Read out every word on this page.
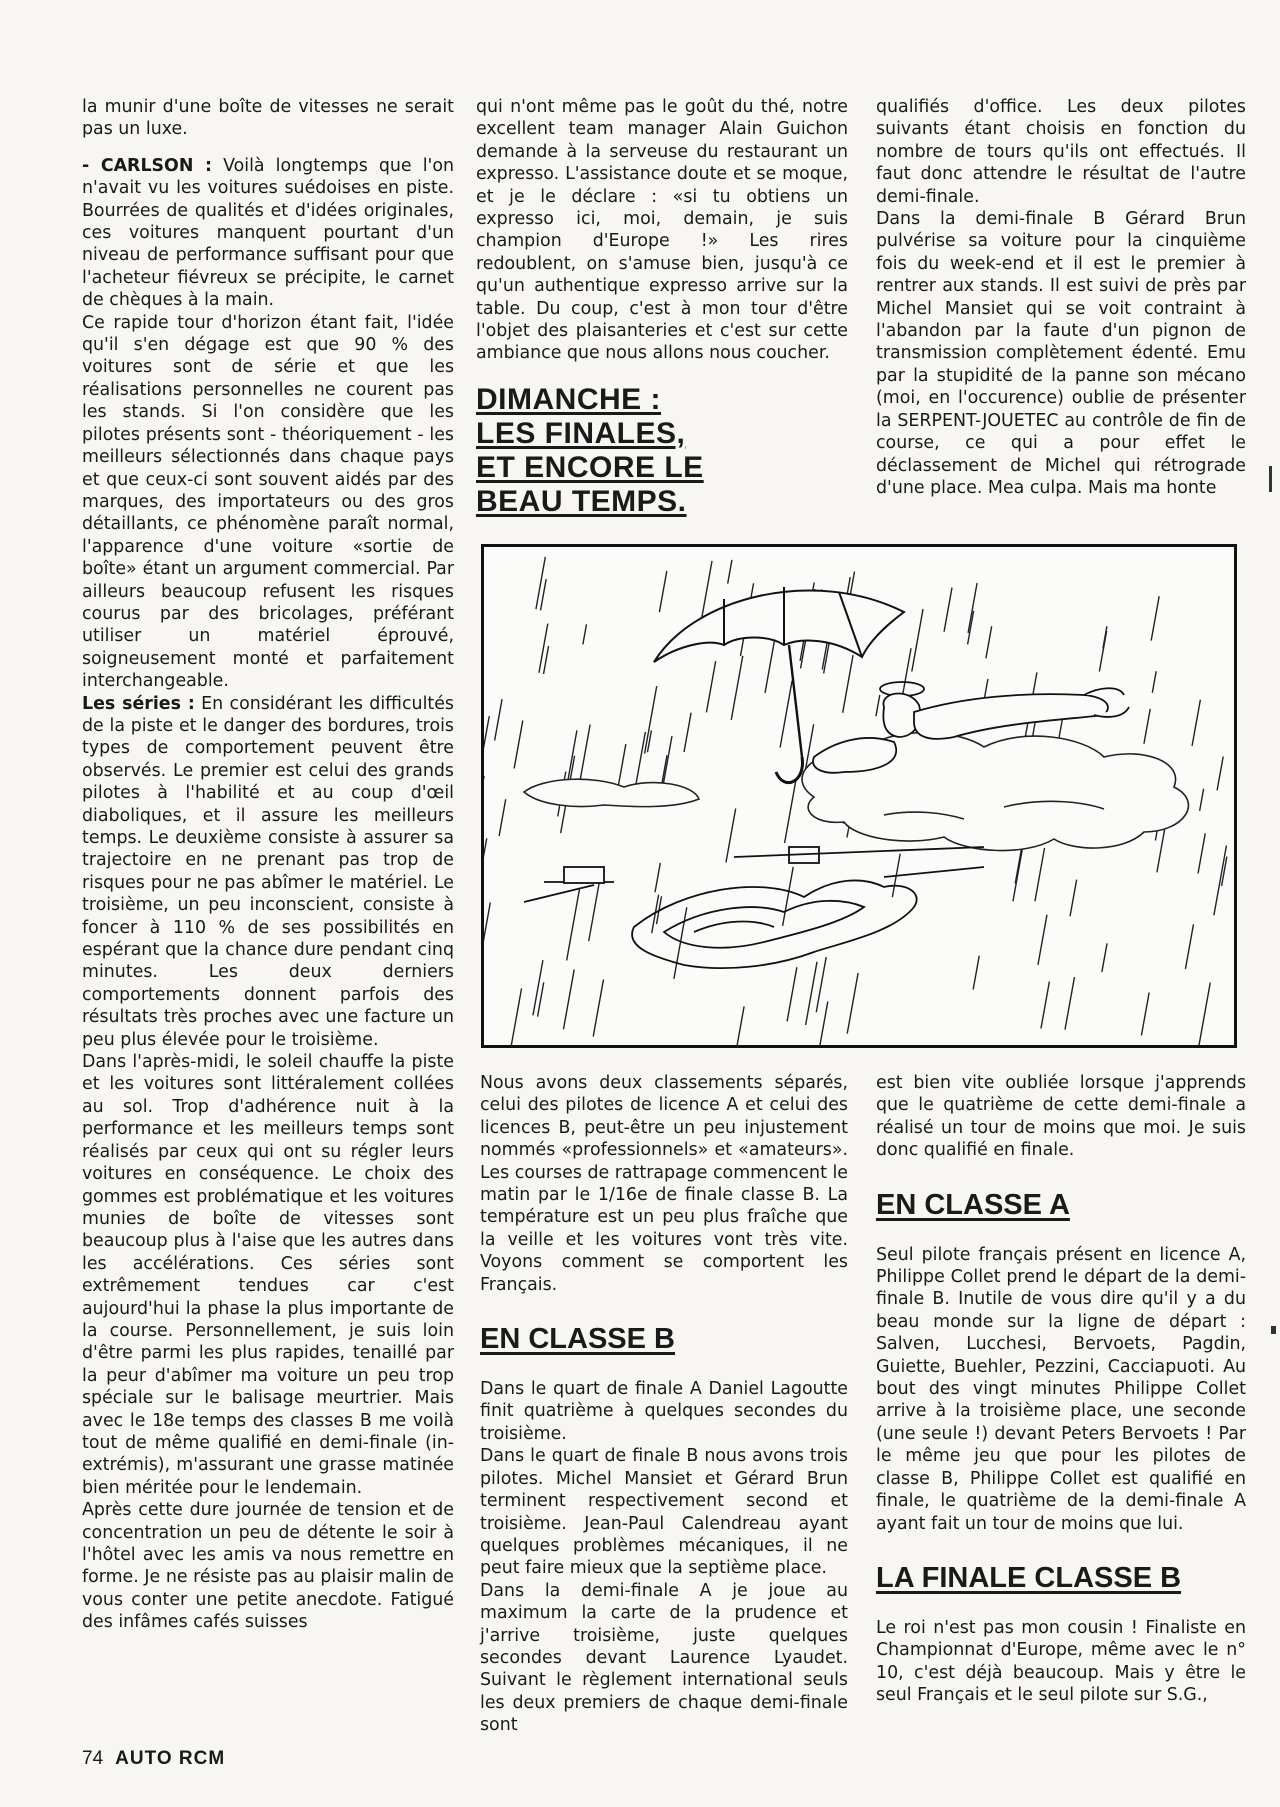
la munir d'une boîte de vitesses ne serait pas un luxe.

- CARLSON : Voilà longtemps que l'on n'avait vu les voitures suédoises en piste. Bourrées de qualités et d'idées originales, ces voitures manquent pourtant d'un niveau de performance suffisant pour que l'acheteur fiévreux se précipite, le carnet de chèques à la main.

Ce rapide tour d'horizon étant fait, l'idée qu'il s'en dégage est que 90 % des voitures sont de série et que les réalisations personnelles ne courent pas les stands. Si l'on considère que les pilotes présents sont - théoriquement - les meilleurs sélectionnés dans chaque pays et que ceux-ci sont souvent aidés par des marques, des importateurs ou des gros détaillants, ce phénomène paraît normal, l'apparence d'une voiture «sortie de boîte» étant un argument commercial. Par ailleurs beaucoup refusent les risques courus par des bricolages, préférant utiliser un matériel éprouvé, soigneusement monté et parfaitement interchangeable.

Les séries : En considérant les difficultés de la piste et le danger des bordures, trois types de comportement peuvent être observés. Le premier est celui des grands pilotes à l'habilité et au coup d'œil diaboliques, et il assure les meilleurs temps. Le deuxième consiste à assurer sa trajectoire en ne prenant pas trop de risques pour ne pas abîmer le matériel. Le troisième, un peu inconscient, consiste à foncer à 110 % de ses possibilités en espérant que la chance dure pendant cinq minutes. Les deux derniers comportements donnent parfois des résultats très proches avec une facture un peu plus élevée pour le troisième.

Dans l'après-midi, le soleil chauffe la piste et les voitures sont littéralement collées au sol. Trop d'adhérence nuit à la performance et les meilleurs temps sont réalisés par ceux qui ont su régler leurs voitures en conséquence. Le choix des gommes est problématique et les voitures munies de boîte de vitesses sont beaucoup plus à l'aise que les autres dans les accélérations. Ces séries sont extrêmement tendues car c'est aujourd'hui la phase la plus importante de la course. Personnellement, je suis loin d'être parmi les plus rapides, tenaillé par la peur d'abîmer ma voiture un peu trop spéciale sur le balisage meurtrier. Mais avec le 18e temps des classes B me voilà tout de même qualifié en demi-finale (in-extrémis), m'assurant une grasse matinée bien méritée pour le lendemain.

Après cette dure journée de tension et de concentration un peu de détente le soir à l'hôtel avec les amis va nous remettre en forme. Je ne résiste pas au plaisir malin de vous conter une petite anecdote. Fatigué des infâmes cafés suisses

qui n'ont même pas le goût du thé, notre excellent team manager Alain Guichon demande à la serveuse du restaurant un expresso. L'assistance doute et se moque, et je le déclare : «si tu obtiens un expresso ici, moi, demain, je suis champion d'Europe !» Les rires redoublent, on s'amuse bien, jusqu'à ce qu'un authentique expresso arrive sur la table. Du coup, c'est à mon tour d'être l'objet des plaisanteries et c'est sur cette ambiance que nous allons nous coucher.

DIMANCHE :
LES FINALES,
ET ENCORE LE
BEAU TEMPS.

qualifiés d'office. Les deux pilotes suivants étant choisis en fonction du nombre de tours qu'ils ont effectués. Il faut donc attendre le résultat de l'autre demi-finale.

Dans la demi-finale B Gérard Brun pulvérise sa voiture pour la cinquième fois du week-end et il est le premier à rentrer aux stands. Il est suivi de près par Michel Mansiet qui se voit contraint à l'abandon par la faute d'un pignon de transmission complètement édenté. Emu par la stupidité de la panne son mécano (moi, en l'occurence) oublie de présenter la SERPENT-JOUETEC au contrôle de fin de course, ce qui a pour effet le déclassement de Michel qui rétrograde d'une place. Mea culpa. Mais ma honte

Nous avons deux classements séparés, celui des pilotes de licence A et celui des licences B, peut-être un peu injustement nommés «professionnels» et «amateurs». Les courses de rattrapage commencent le matin par le 1/16e de finale classe B. La température est un peu plus fraîche que la veille et les voitures vont très vite. Voyons comment se comportent les Français.

EN CLASSE B

Dans le quart de finale A Daniel Lagoutte finit quatrième à quelques secondes du troisième.

Dans le quart de finale B nous avons trois pilotes. Michel Mansiet et Gérard Brun terminent respectivement second et troisième. Jean-Paul Calendreau ayant quelques problèmes mécaniques, il ne peut faire mieux que la septième place.

Dans la demi-finale A je joue au maximum la carte de la prudence et j'arrive troisième, juste quelques secondes devant Laurence Lyaudet. Suivant le règlement international seuls les deux premiers de chaque demi-finale sont

est bien vite oubliée lorsque j'apprends que le quatrième de cette demi-finale a réalisé un tour de moins que moi. Je suis donc qualifié en finale.

EN CLASSE A

Seul pilote français présent en licence A, Philippe Collet prend le départ de la demi-finale B. Inutile de vous dire qu'il y a du beau monde sur la ligne de départ : Salven, Lucchesi, Bervoets, Pagdin, Guiette, Buehler, Pezzini, Cacciapuoti. Au bout des vingt minutes Philippe Collet arrive à la troisième place, une seconde (une seule !) devant Peters Bervoets ! Par le même jeu que pour les pilotes de classe B, Philippe Collet est qualifié en finale, le quatrième de la demi-finale A ayant fait un tour de moins que lui.

LA FINALE CLASSE B

Le roi n'est pas mon cousin ! Finaliste en Championnat d'Europe, même avec le n° 10, c'est déjà beaucoup. Mais y être le seul Français et le seul pilote sur S.G.,

74 AUTO RCM
